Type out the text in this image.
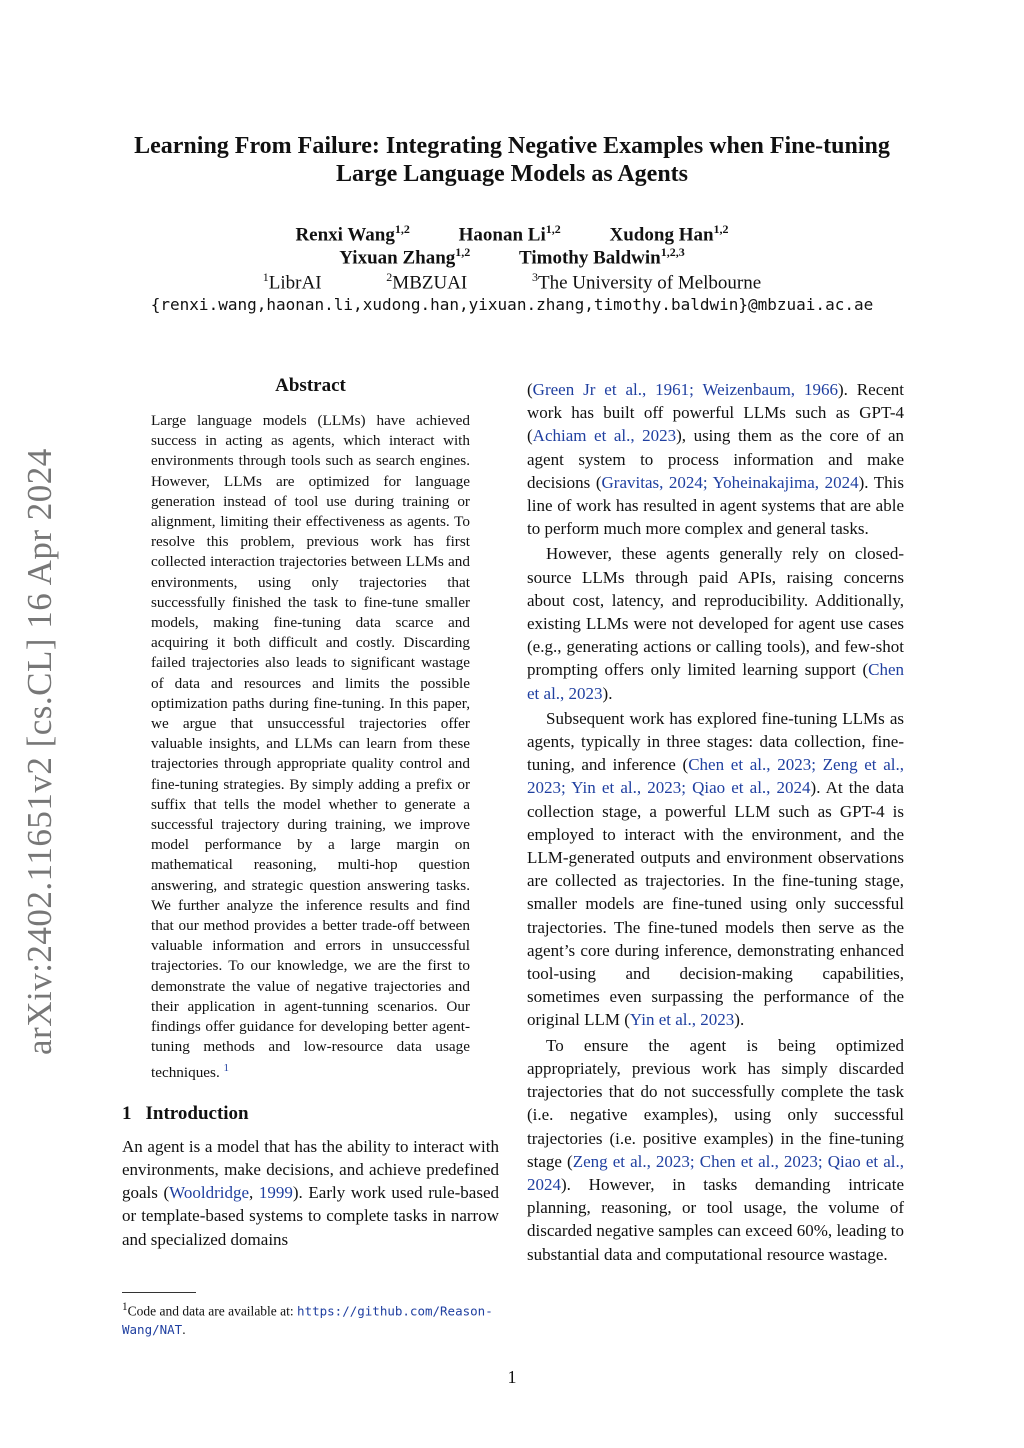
Learning From Failure: Integrating Negative Examples when Fine-tuning
Large Language Models as Agents
Renxi Wang$^{1,2}$	Haonan Li$^{1,2}$	Xudong Han$^{1,2}$
Yixuan Zhang$^{1,2}$	Timothy Baldwin$^{1,2,3}$
$^1$LibrAI	$^2$MBZUAI	$^3$The University of Melbourne
{renxi.wang,haonan.li,xudong.han,yixuan.zhang,timothy.baldwin}@mbzuai.ac.ae
arXiv:2402.11651v2 [cs.CL] 16 Apr 2024
Abstract

Large language models (LLMs) have achieved success in acting as agents, which interact with environments through tools such as search engines. However, LLMs are optimized for language generation instead of tool use during training or alignment, limiting their effectiveness as agents. To resolve this problem, previous work has first collected interaction trajectories between LLMs and environments, using only trajectories that successfully finished the task to fine-tune smaller models, making fine-tuning data scarce and acquiring it both difficult and costly. Discarding failed trajectories also leads to significant wastage of data and resources and limits the possible optimization paths during fine-tuning. In this paper, we argue that unsuccessful trajectories offer valuable insights, and LLMs can learn from these trajectories through appropriate quality control and fine-tuning strategies. By simply adding a prefix or suffix that tells the model whether to generate a successful trajectory during training, we improve model performance by a large margin on mathematical reasoning, multi-hop question answering, and strategic question answering tasks. We further analyze the inference results and find that our method provides a better trade-off between valuable information and errors in unsuccessful trajectories. To our knowledge, we are the first to demonstrate the value of negative trajectories and their application in agent-tunning scenarios. Our findings offer guidance for developing better agent-tuning methods and low-resource data usage techniques. $^1$

1 Introduction

An agent is a model that has the ability to interact with environments, make decisions, and achieve predefined goals (Wooldridge, 1999). Early work used rule-based or template-based systems to complete tasks in narrow and specialized domains

(Green Jr et al., 1961; Weizenbaum, 1966). Recent work has built off powerful LLMs such as GPT-4 (Achiam et al., 2023), using them as the core of an agent system to process information and make decisions (Gravitas, 2024; Yoheinakajima, 2024). This line of work has resulted in agent systems that are able to perform much more complex and general tasks.

However, these agents generally rely on closed-source LLMs through paid APIs, raising concerns about cost, latency, and reproducibility. Additionally, existing LLMs were not developed for agent use cases (e.g., generating actions or calling tools), and few-shot prompting offers only limited learning support (Chen et al., 2023).

Subsequent work has explored fine-tuning LLMs as agents, typically in three stages: data collection, fine-tuning, and inference (Chen et al., 2023; Zeng et al., 2023; Yin et al., 2023; Qiao et al., 2024). At the data collection stage, a powerful LLM such as GPT-4 is employed to interact with the environment, and the LLM-generated outputs and environment observations are collected as trajectories. In the fine-tuning stage, smaller models are fine-tuned using only successful trajectories. The fine-tuned models then serve as the agent’s core during inference, demonstrating enhanced tool-using and decision-making capabilities, sometimes even surpassing the performance of the original LLM (Yin et al., 2023).

To ensure the agent is being optimized appropriately, previous work has simply discarded trajectories that do not successfully complete the task (i.e. negative examples), using only successful trajectories (i.e. positive examples) in the fine-tuning stage (Zeng et al., 2023; Chen et al., 2023; Qiao et al., 2024). However, in tasks demanding intricate planning, reasoning, or tool usage, the volume of discarded negative samples can exceed 60%, leading to substantial data and computational resource wastage.

$^1$Code and data are available at: https://github.com/Reason-Wang/NAT.
1
